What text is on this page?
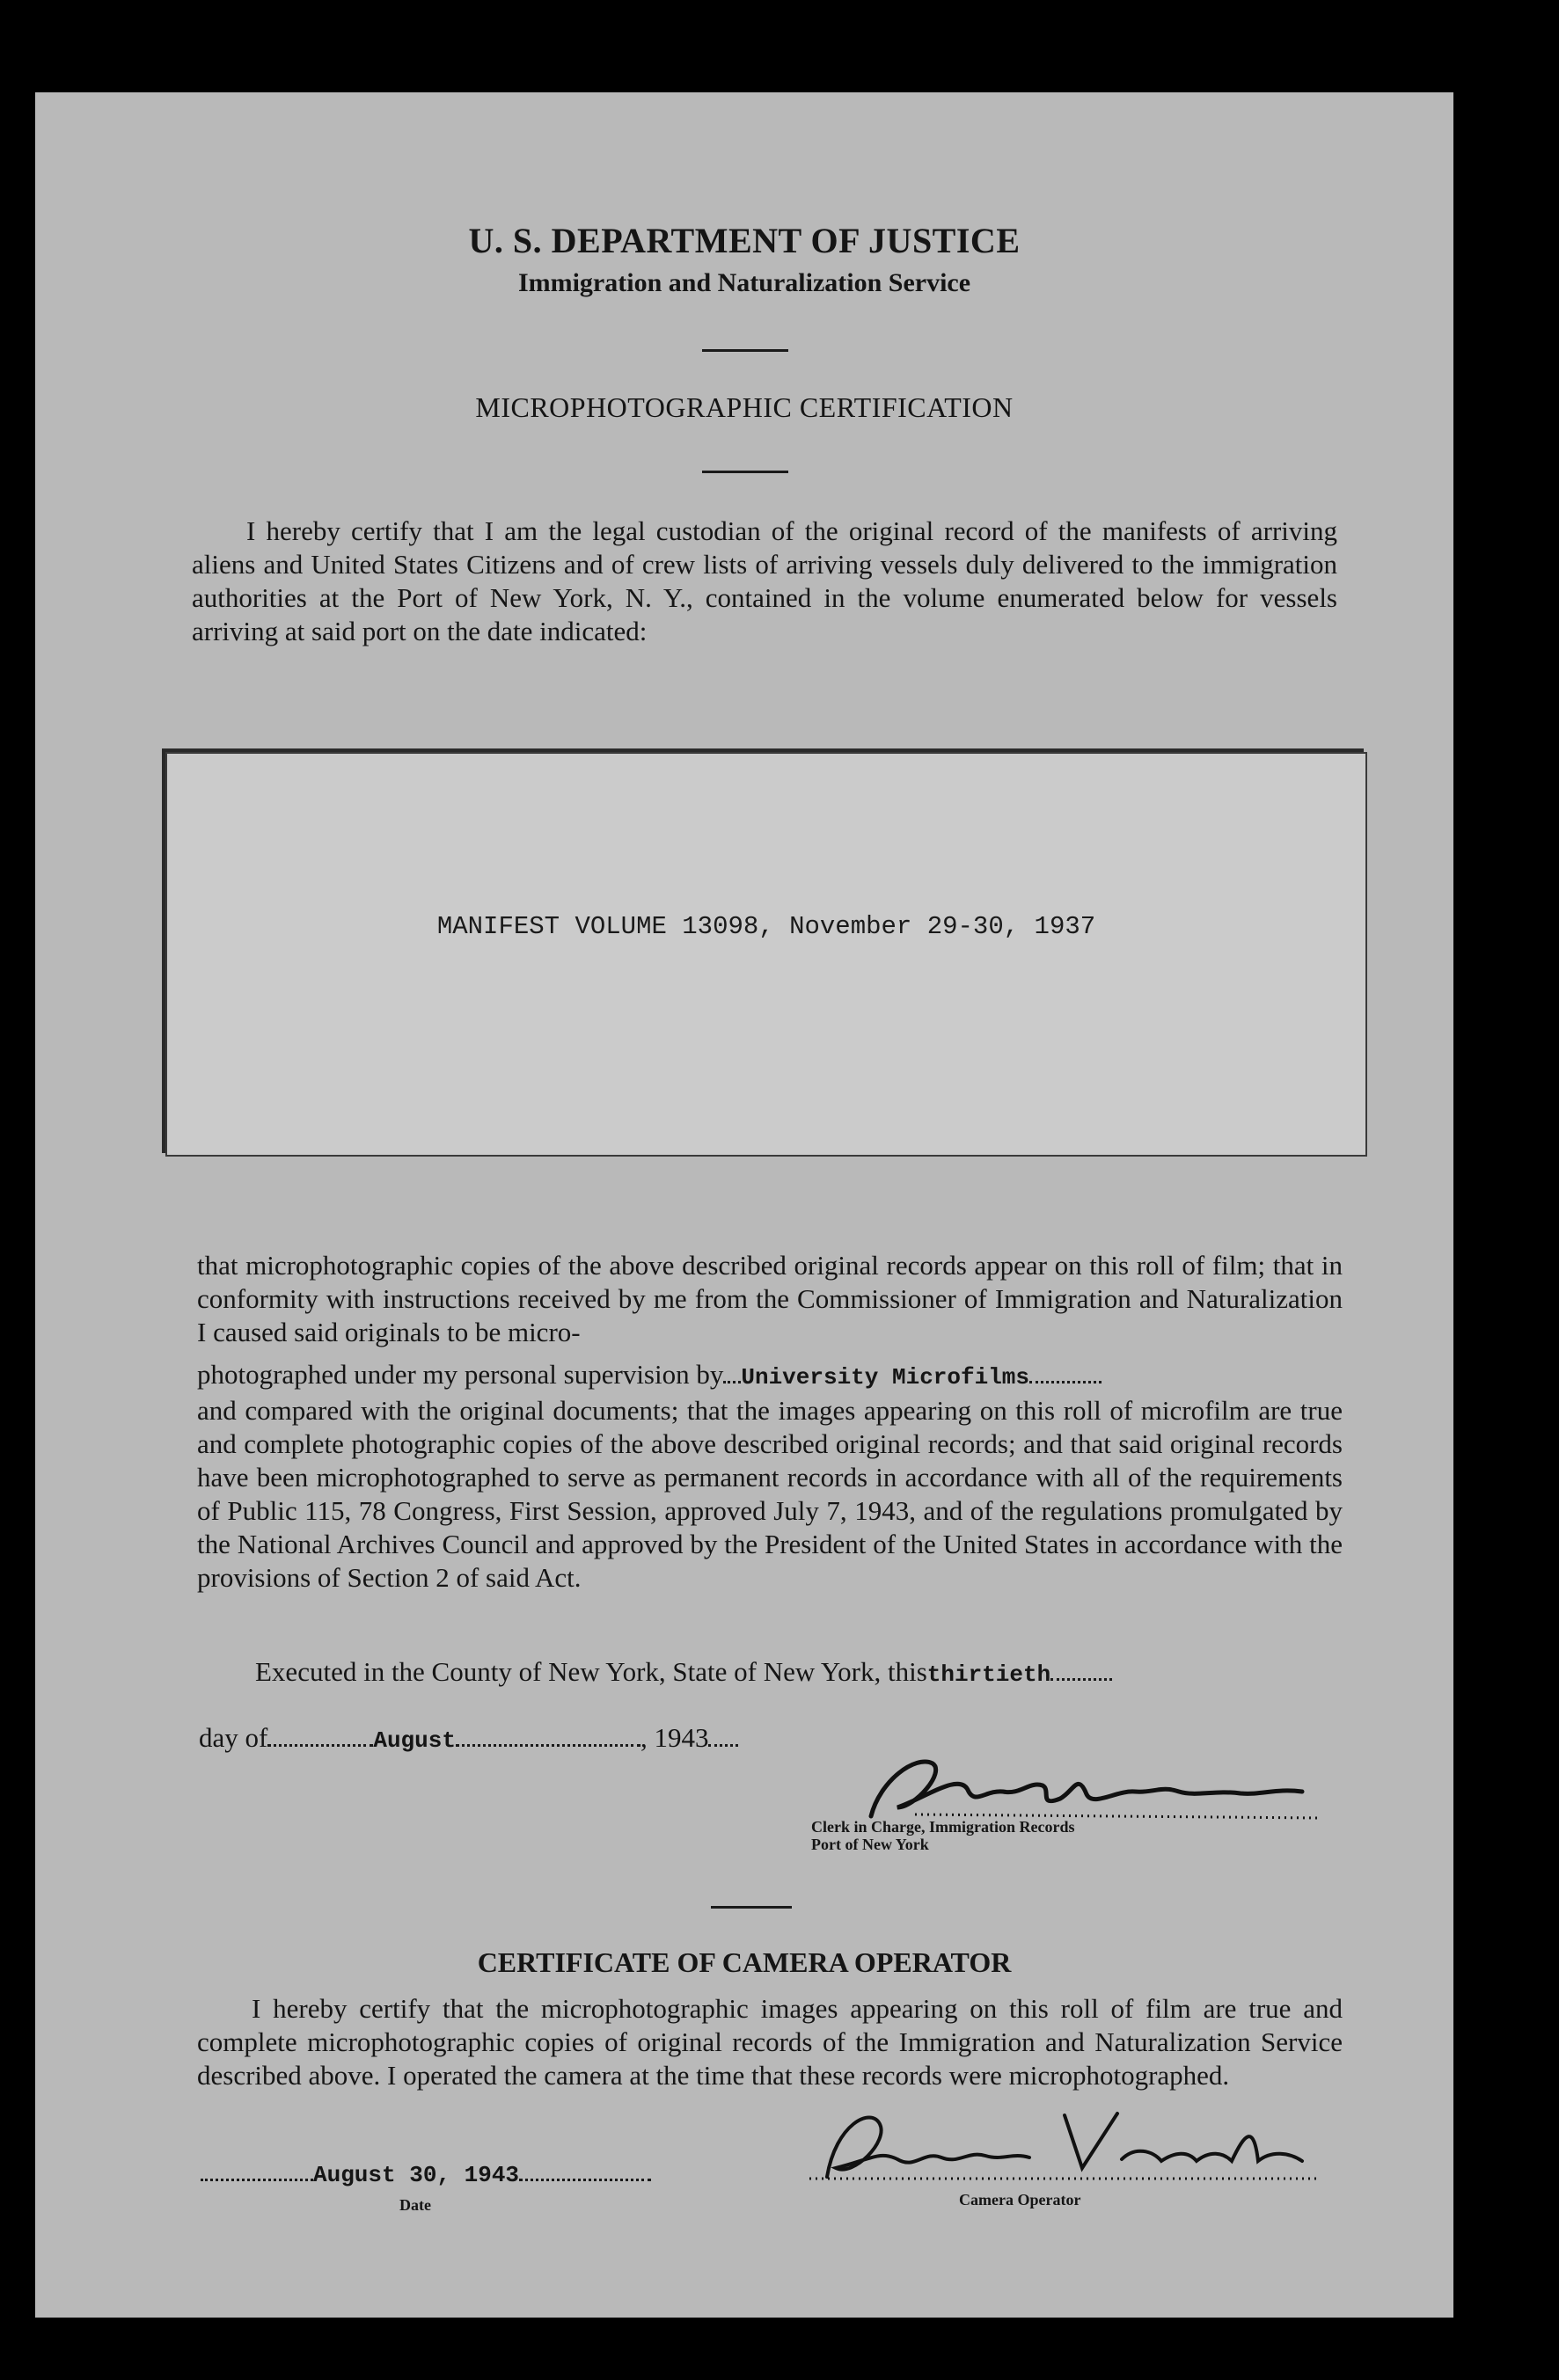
U. S. DEPARTMENT OF JUSTICE
Immigration and Naturalization Service
MICROPHOTOGRAPHIC CERTIFICATION
I hereby certify that I am the legal custodian of the original record of the manifests of arriving aliens and United States Citizens and of crew lists of arriving vessels duly delivered to the immigration authorities at the Port of New York, N. Y., contained in the volume enumerated below for vessels arriving at said port on the date indicated:
MANIFEST VOLUME 13098, November 29-30, 1937
that microphotographic copies of the above described original records appear on this roll of film; that in conformity with instructions received by me from the Commissioner of Immigration and Naturalization I caused said originals to be micro-
photographed under my personal supervision by University Microfilms
and compared with the original documents; that the images appearing on this roll of microfilm are true and complete photographic copies of the above described original records; and that said original records have been microphotographed to serve as permanent records in accordance with all of the requirements of Public 115, 78 Congress, First Session, approved July 7, 1943, and of the regulations promulgated by the National Archives Council and approved by the President of the United States in accordance with the provisions of Section 2 of said Act.
Executed in the County of New York, State of New York, thisthirtieth
day of	August	, 1943
Clerk in Charge, Immigration Records
Port of New York
CERTIFICATE OF CAMERA OPERATOR
I hereby certify that the microphotographic images appearing on this roll of film are true and complete microphotographic copies of original records of the Immigration and Naturalization Service described above. I operated the camera at the time that these records were microphotographed.
August 30, 1943
Date	Camera Operator
